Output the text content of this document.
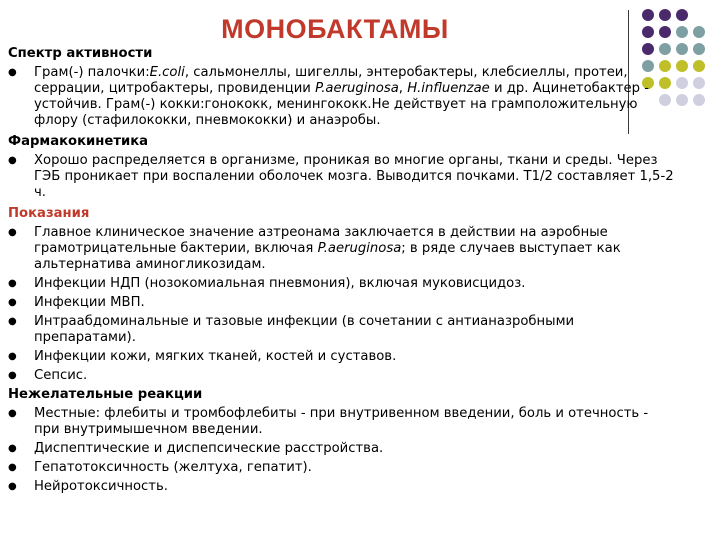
МОНОБАКТАМЫ
Спектр активности
● Грам(-) палочки:E.coli, сальмонеллы, шигеллы, энтеробактеры, клебсиеллы, протеи, серрации, цитробактеры, провиденции P.aeruginosa, H.influenzae и др. Ацинетобактер - устойчив. Грам(-) кокки:гонококк, менингококк.Не действует на грамположительную флору (стафилококки, пневмококки) и анаэробы.
Фармакокинетика
● Хорошо распределяется в организме, проникая во многие органы, ткани и среды. Через ГЭБ проникает при воспалении оболочек мозга. Выводится почками. Т1/2 составляет 1,5-2 ч.
Показания
● Главное клиническое значение азтреонама заключается в действии на аэробные грамотрицательные бактерии, включая P.aeruginosa; в ряде случаев выступает как альтернатива аминогликозидам.
● Инфекции НДП (нозокомиальная пневмония), включая муковисцидоз.
● Инфекции МВП.
● Интраабдоминальные и тазовые инфекции (в сочетании с антианазробными препаратами).
● Инфекции кожи, мягких тканей, костей и суставов.
● Сепсис.
Нежелательные реакции
● Местные: флебиты и тромбофлебиты - при внутривенном введении, боль и отечность - при внутримышечном введении.
● Диспептические и диспепсические расстройства.
● Гепатотоксичность (желтуха, гепатит).
● Нейротоксичность.
